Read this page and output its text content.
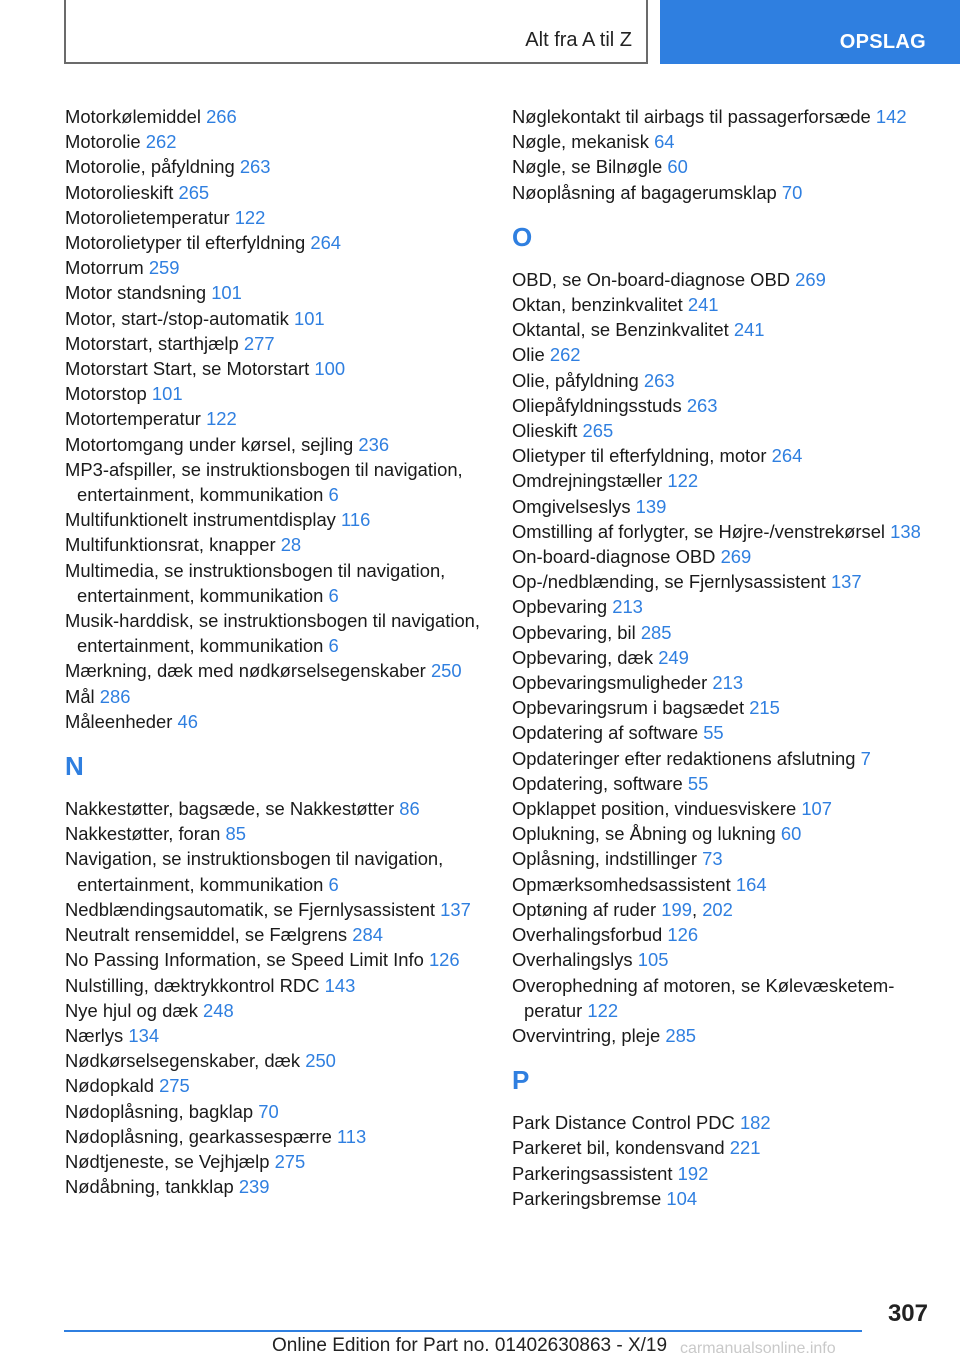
Alt fra A til Z	OPSLAG
Motorkølemiddel 266
Motorolie 262
Motorolie, påfyldning 263
Motorolieskift 265
Motorolietemperatur 122
Motorolietyper til efterfyldning 264
Motorrum 259
Motor standsning 101
Motor, start-/stop-automatik 101
Motorstart, starthjælp 277
Motorstart Start, se Motorstart 100
Motorstop 101
Motortemperatur 122
Motortomgang under kørsel, sejling 236
MP3-afspiller, se instruktionsbogen til navigation, entertainment, kommunikation 6
Multifunktionelt instrumentdisplay 116
Multifunktionsrat, knapper 28
Multimedia, se instruktionsbogen til navigation, entertainment, kommunikation 6
Musik-harddisk, se instruktionsbogen til navigation, entertainment, kommunikation 6
Mærkning, dæk med nødkørselsegenskaber 250
Mål 286
Måleenheder 46
N
Nakkestøtter, bagsæde, se Nakkestøtter 86
Nakkestøtter, foran 85
Navigation, se instruktionsbogen til navigation, entertainment, kommunikation 6
Nedblændingsautomatik, se Fjernlysassistent 137
Neutralt rensemiddel, se Fælgrens 284
No Passing Information, se Speed Limit Info 126
Nulstilling, dæktrykkontrol RDC 143
Nye hjul og dæk 248
Nærlys 134
Nødkørselsegenskaber, dæk 250
Nødopkald 275
Nødoplåsning, bagklap 70
Nødoplåsning, gearkassespærre 113
Nødtjeneste, se Vejhjælp 275
Nødåbning, tankklap 239
Nøglekontakt til airbags til passagerforsæde 142
Nøgle, mekanisk 64
Nøgle, se Bilnøgle 60
Nøoplåsning af bagagerumsklap 70
O
OBD, se On-board-diagnose OBD 269
Oktan, benzinkvalitet 241
Oktantal, se Benzinkvalitet 241
Olie 262
Olie, påfyldning 263
Oliepåfyldningsstuds 263
Olieskift 265
Olietyper til efterfyldning, motor 264
Omdrejningstæller 122
Omgivelseslys 139
Omstilling af forlygter, se Højre-/venstrekørsel 138
On-board-diagnose OBD 269
Op-/nedblænding, se Fjernlysassistent 137
Opbevaring 213
Opbevaring, bil 285
Opbevaring, dæk 249
Opbevaringsmuligheder 213
Opbevaringsrum i bagsædet 215
Opdatering af software 55
Opdateringer efter redaktionens afslutning 7
Opdatering, software 55
Opklappet position, vinduesviskere 107
Oplukning, se Åbning og lukning 60
Oplåsning, indstillinger 73
Opmærksomhedsassistent 164
Optøning af ruder 199, 202
Overhalingsforbud 126
Overhalingslys 105
Overophedning af motoren, se Kølevæsketemperatur 122
Overvintring, pleje 285
P
Park Distance Control PDC 182
Parkeret bil, kondensvand 221
Parkeringsassistent 192
Parkeringsbremse 104
307
Online Edition for Part no. 01402630863 - X/19 carmanualsonline.info
